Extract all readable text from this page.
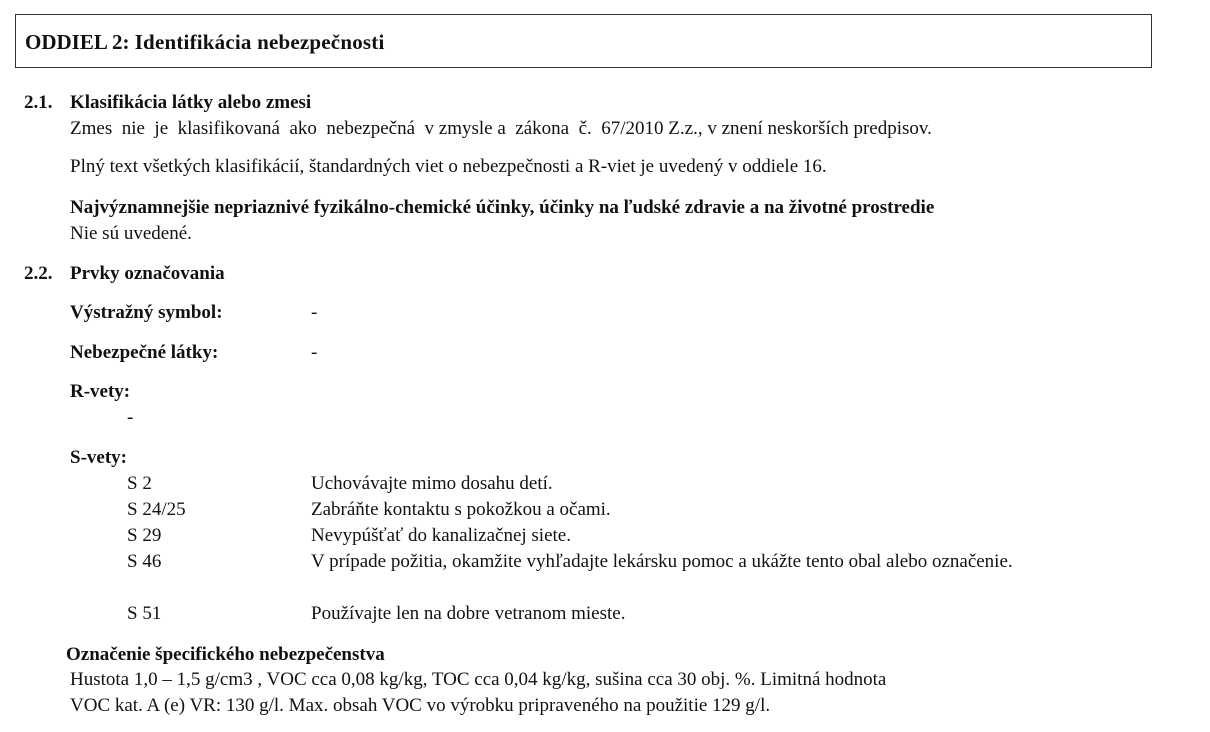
ODDIEL 2: Identifikácia nebezpečnosti
2.1. Klasifikácia látky alebo zmesi
Zmes  nie  je  klasifikovaná  ako  nebezpečná  v zmysle a  zákona  č.  67/2010 Z.z., v znení neskorších predpisov.
Plný text všetkých klasifikácií, štandardných viet o nebezpečnosti a R-viet je uvedený v oddiele 16.
Najvýznamnejšie nepriaznivé fyzikálno-chemické účinky, účinky na ľudské zdravie a na životné prostredie
Nie sú uvedené.
2.2. Prvky označovania
Výstražný symbol:	-
Nebezpečné látky:	-
R-vety:
-
S-vety:
S 2	Uchovávajte mimo dosahu detí.
S 24/25	Zabráňte kontaktu s pokožkou a očami.
S 29	Nevypúšťať do kanalizačnej siete.
S 46	V prípade požitia, okamžite vyhľadajte lekársku pomoc a ukážte tento obal alebo označenie.
S 51	Používajte len na dobre vetranom mieste.
Označenie špecifického nebezpečenstva
Hustota 1,0 – 1,5 g/cm3 , VOC cca 0,08 kg/kg, TOC cca 0,04 kg/kg, sušina cca 30 obj. %. Limitná hodnota
VOC kat. A (e) VR: 130 g/l. Max. obsah VOC vo výrobku pripraveného na použitie 129 g/l.
